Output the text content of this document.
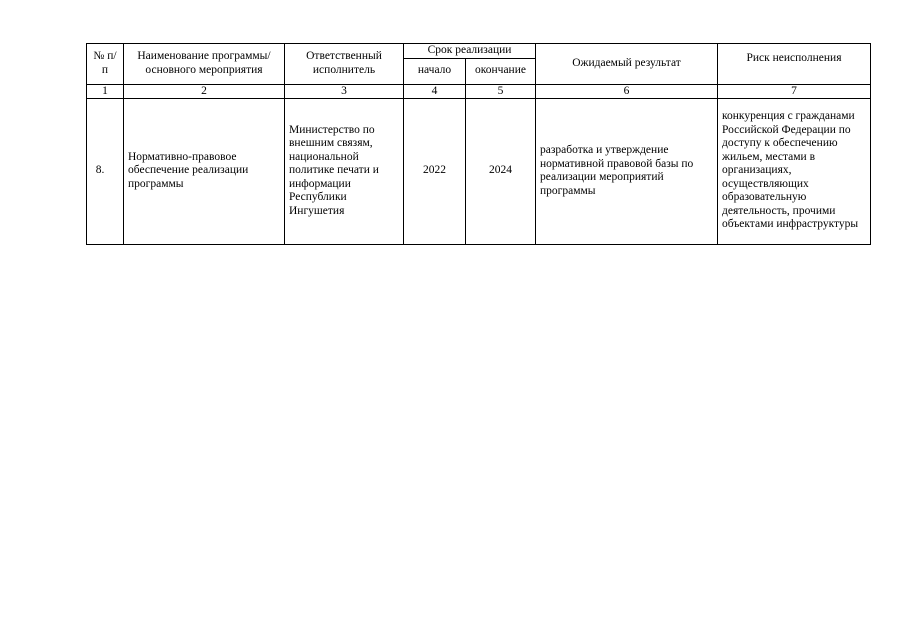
№ п/п	Наименование программы/основного мероприятия	Ответственный исполнитель	Срок реализации		Ожидаемый результат	Риск неисполнения
			начало	окончание		
1	2	3	4	5	6	7
8.	Нормативно-правовое обеспечение реализации программы	Министерство по внешним связям, национальной политике печати и информации Республики Ингушетия	2022	2024	разработка и утверждение нормативной правовой базы по реализации мероприятий программы	конкуренция с гражданами Российской Федерации по доступу к обеспечению жильем, местами в организациях, осуществляющих образовательную деятельность, прочими объектами инфраструктуры
